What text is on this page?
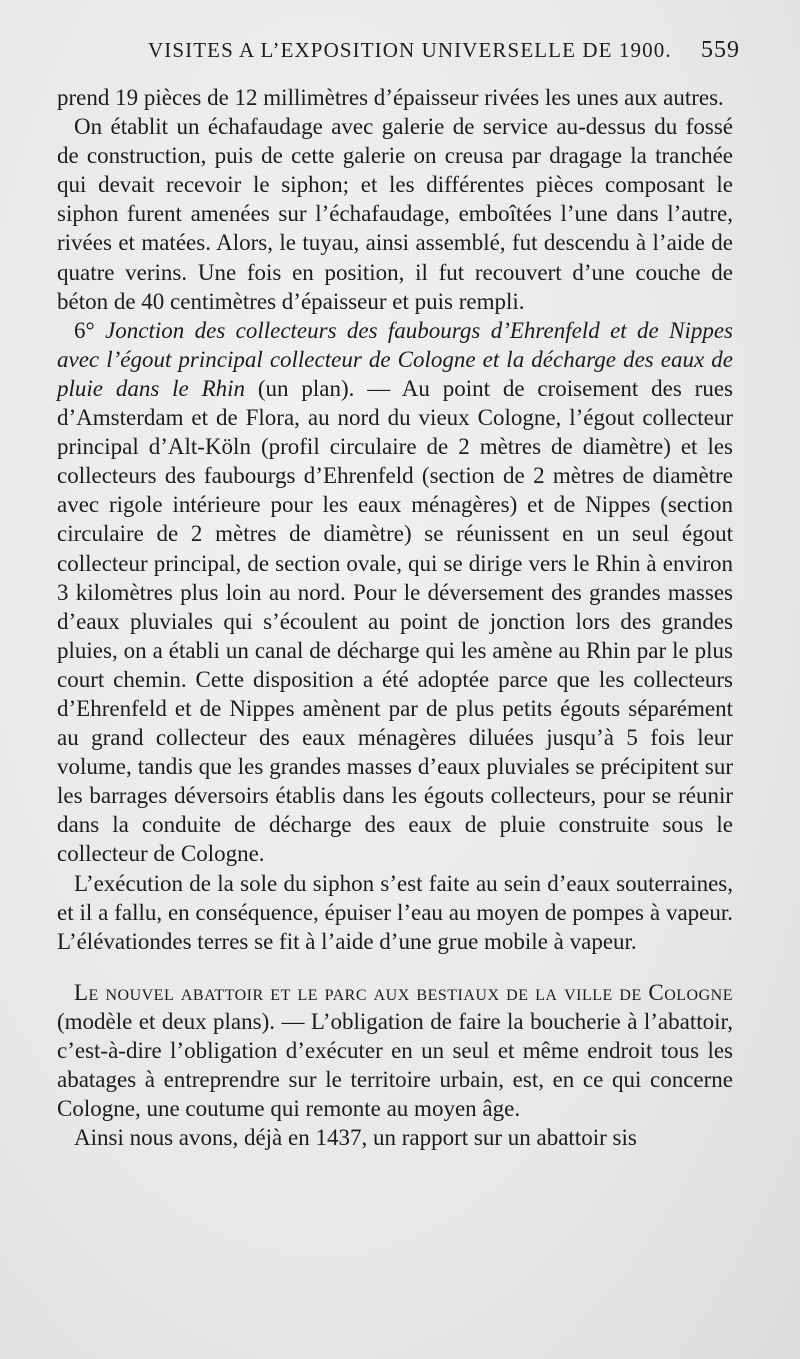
VISITES A L’EXPOSITION UNIVERSELLE DE 1900. 559

prend 19 pièces de 12 millimètres d’épaisseur rivées les unes aux autres.

On établit un échafaudage avec galerie de service au-dessus du fossé de construction, puis de cette galerie on creusa par dragage la tranchée qui devait recevoir le siphon; et les différentes pièces composant le siphon furent amenées sur l’échafaudage, emboîtées l’une dans l’autre, rivées et matées. Alors, le tuyau, ainsi assemblé, fut descendu à l’aide de quatre verins. Une fois en position, il fut recouvert d’une couche de béton de 40 centimètres d’épaisseur et puis rempli.

6° Jonction des collecteurs des faubourgs d’Ehrenfeld et de Nippes avec l’égout principal collecteur de Cologne et la décharge des eaux de pluie dans le Rhin (un plan). — Au point de croisement des rues d’Amsterdam et de Flora, au nord du vieux Cologne, l’égout collecteur principal d’Alt-Köln (profil circulaire de 2 mètres de diamètre) et les collecteurs des faubourgs d’Ehrenfeld (section de 2 mètres de diamètre avec rigole intérieure pour les eaux ménagères) et de Nippes (section circulaire de 2 mètres de diamètre) se réunissent en un seul égout collecteur principal, de section ovale, qui se dirige vers le Rhin à environ 3 kilomètres plus loin au nord. Pour le déversement des grandes masses d’eaux pluviales qui s’écoulent au point de jonction lors des grandes pluies, on a établi un canal de décharge qui les amène au Rhin par le plus court chemin. Cette disposition a été adoptée parce que les collecteurs d’Ehrenfeld et de Nippes amènent par de plus petits égouts séparément au grand collecteur des eaux ménagères diluées jusqu’à 5 fois leur volume, tandis que les grandes masses d’eaux pluviales se précipitent sur les barrages déversoirs établis dans les égouts collecteurs, pour se réunir dans la conduite de décharge des eaux de pluie construite sous le collecteur de Cologne.

L’exécution de la sole du siphon s’est faite au sein d’eaux souterraines, et il a fallu, en conséquence, épuiser l’eau au moyen de pompes à vapeur. L’élévationdes terres se fit à l’aide d’une grue mobile à vapeur.

Le nouvel abattoir et le parc aux bestiaux de la ville de Cologne (modèle et deux plans). — L’obligation de faire la boucherie à l’abattoir, c’est-à-dire l’obligation d’exécuter en un seul et même endroit tous les abatages à entreprendre sur le territoire urbain, est, en ce qui concerne Cologne, une coutume qui remonte au moyen âge.

Ainsi nous avons, déjà en 1437, un rapport sur un abattoir sis
